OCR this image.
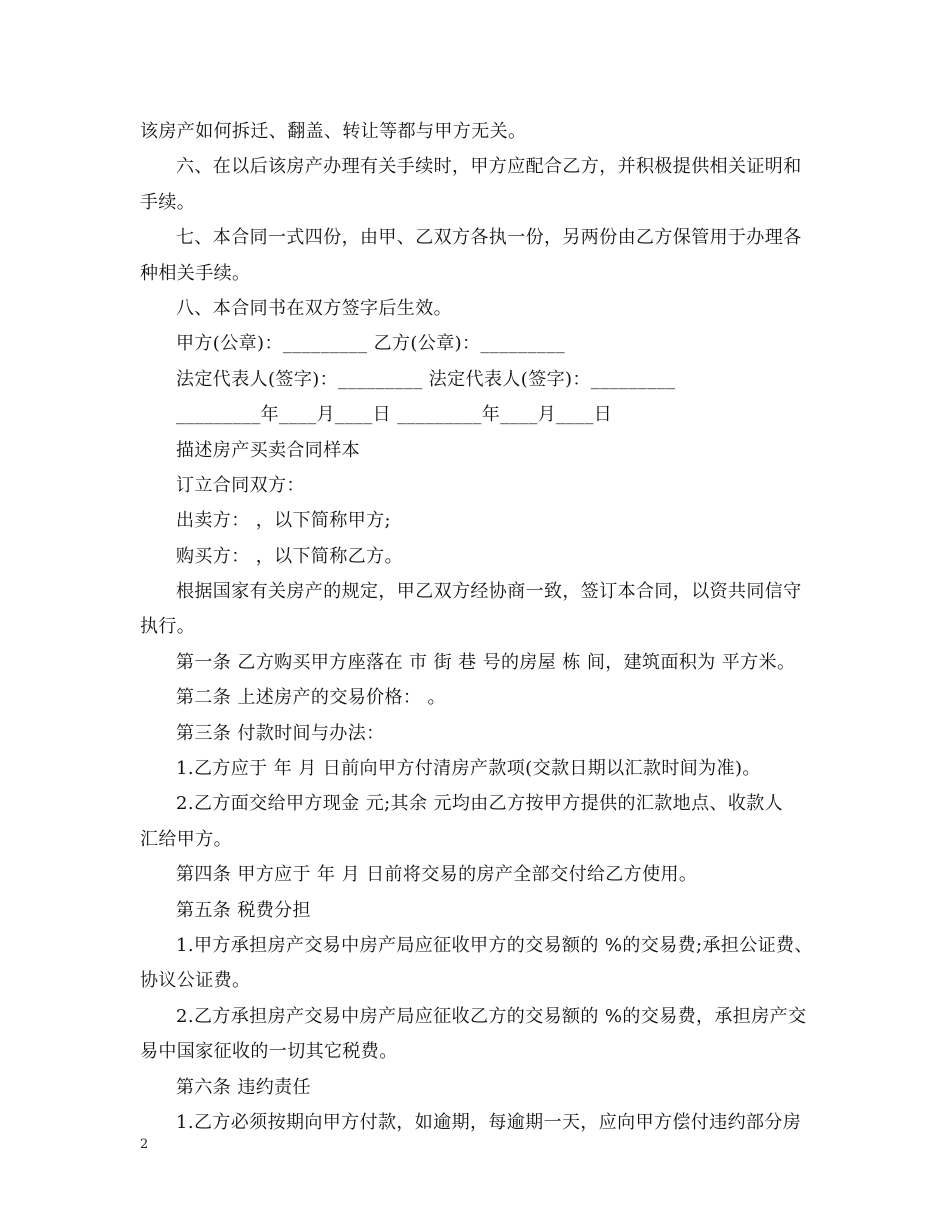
该房产如何拆迁、翻盖、转让等都与甲方无关。
六、在以后该房产办理有关手续时，甲方应配合乙方，并积极提供相关证明和
手续。
七、本合同一式四份，由甲、乙双方各执一份，另两份由乙方保管用于办理各
种相关手续。
八、本合同书在双方签字后生效。
甲方(公章)：_________ 乙方(公章)：_________
法定代表人(签字)：_________ 法定代表人(签字)：_________
_________年____月____日 _________年____月____日
描述房产买卖合同样本
订立合同双方：
出卖方： ，以下简称甲方;
购买方： ，以下简称乙方。
根据国家有关房产的规定，甲乙双方经协商一致，签订本合同，以资共同信守
执行。
第一条 乙方购买甲方座落在 市 街 巷 号的房屋 栋 间，建筑面积为 平方米。
第二条 上述房产的交易价格： 。
第三条 付款时间与办法：
1.乙方应于 年 月 日前向甲方付清房产款项(交款日期以汇款时间为准)。
2.乙方面交给甲方现金 元;其余 元均由乙方按甲方提供的汇款地点、收款人
汇给甲方。
第四条 甲方应于 年 月 日前将交易的房产全部交付给乙方使用。
第五条 税费分担
1.甲方承担房产交易中房产局应征收甲方的交易额的 %的交易费;承担公证费、
协议公证费。
2.乙方承担房产交易中房产局应征收乙方的交易额的 %的交易费，承担房产交
易中国家征收的一切其它税费。
第六条 违约责任
1.乙方必须按期向甲方付款，如逾期，每逾期一天，应向甲方偿付违约部分房
2
